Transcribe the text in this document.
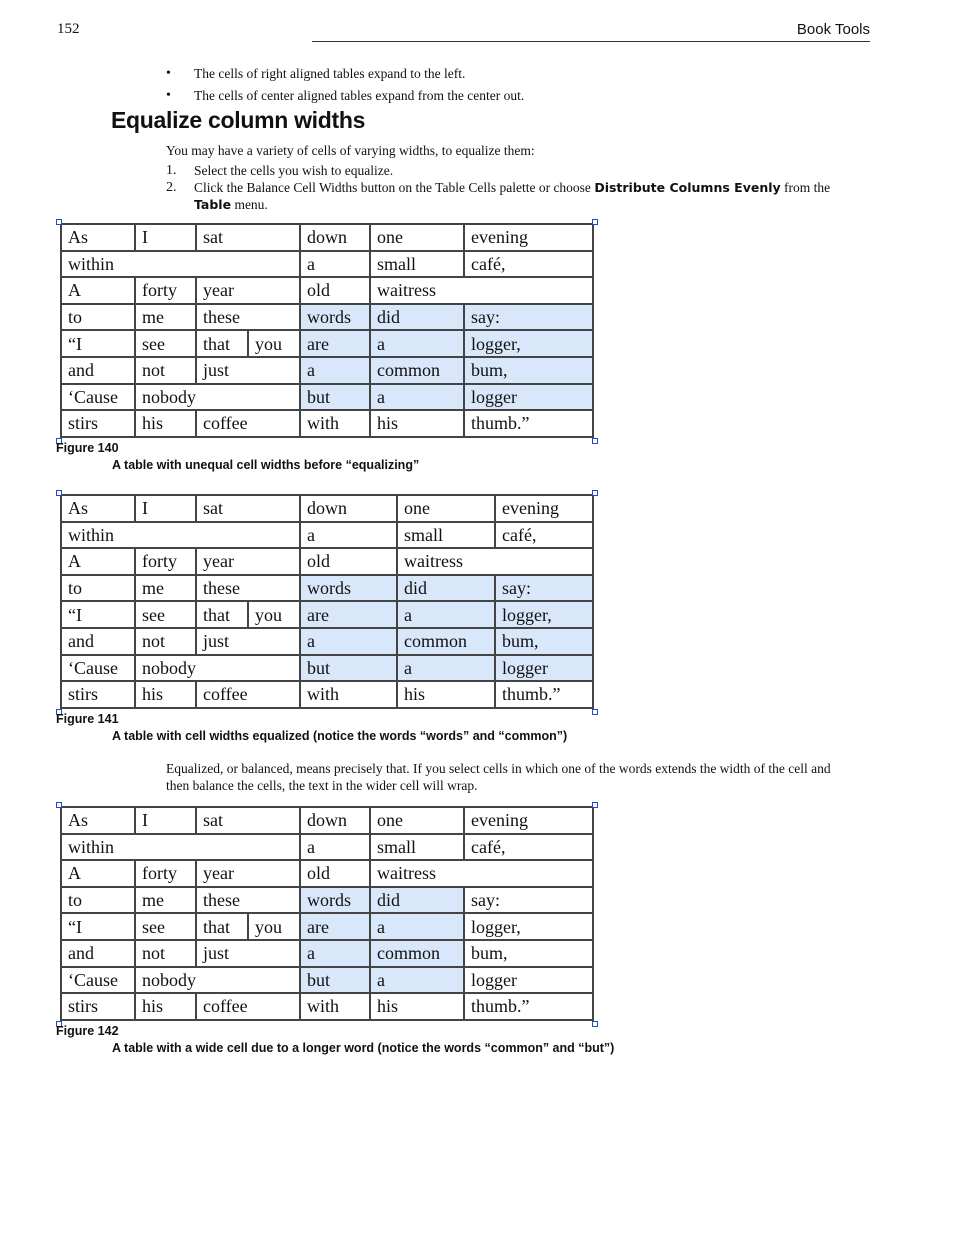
152	Book Tools
• The cells of right aligned tables expand to the left.
• The cells of center aligned tables expand from the center out.
Equalize column widths

You may have a variety of cells of varying widths, to equalize them:

1. Select the cells you wish to equalize.
2. Click the Balance Cell Widths button on the Table Cells palette or choose Distribute Columns Evenly from the Table menu.
As	I	sat		down	one	evening
within				a	small	café,
A	forty	year		old	waitress	
to	me	these		words	did	say:
“I	see	that	you	are	a	logger,
and	not	just		a	common	bum,
‘Cause	nobody			but	a	logger
stirs	his	coffee		with	his	thumb.”
Figure 140
A table with unequal cell widths before “equalizing”
As	I	sat		down	one	evening
within				a	small	café,
A	forty	year		old	waitress	
to	me	these		words	did	say:
“I	see	that	you	are	a	logger,
and	not	just		a	common	bum,
‘Cause	nobody			but	a	logger
stirs	his	coffee		with	his	thumb.”
Figure 141
A table with cell widths equalized (notice the words “words” and “common”)

Equalized, or balanced, means precisely that. If you select cells in which one of the words extends the width of the cell and then balance the cells, the text in the wider cell will wrap.

As	I	sat		down	one	evening
within				a	small	café,
A	forty	year		old	waitress	
to	me	these		words	did	say:
“I	see	that	you	are	a	logger,
and	not	just		a	common	bum,
‘Cause	nobody			but	a	logger
stirs	his	coffee		with	his	thumb.”
Figure 142
A table with a wide cell due to a longer word (notice the words “common” and “but”)
